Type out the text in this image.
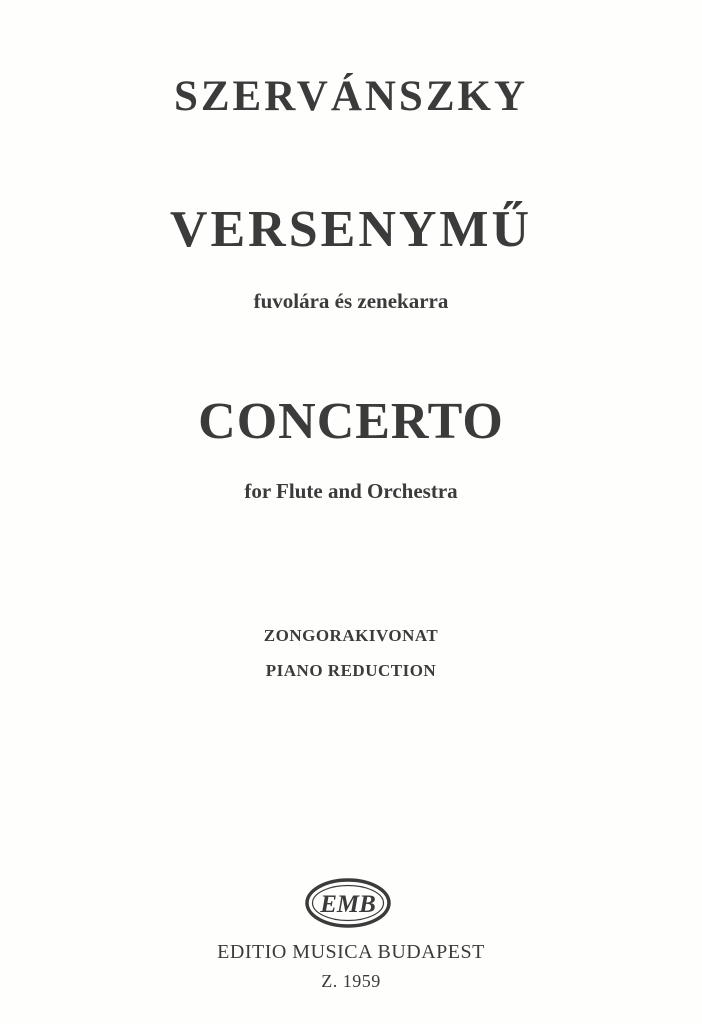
SZERVÁNSZKY
VERSENYMŰ
fuvolára és zenekarra
CONCERTO
for Flute and Orchestra
ZONGORAKIVONAT
PIANO REDUCTION
EMB
EDITIO MUSICA BUDAPEST
Z. 1959
